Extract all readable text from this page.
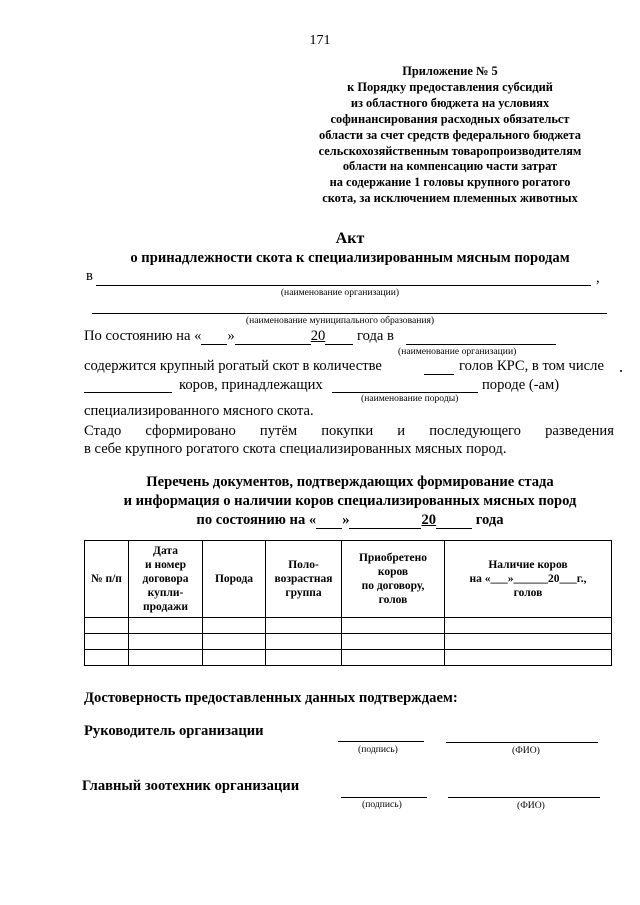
171
Приложение № 5
к Порядку предоставления субсидий
из областного бюджета на условиях
софинансирования расходных обязательст
области за счет средств федерального бюджета
сельскохозяйственным товаропроизводителям
области на компенсацию части затрат
на содержание 1 головы крупного рогатого
скота, за исключением племенных животных
Акт
о принадлежности скота к специализированным мясным породам
в	,
(наименование организации)
(наименование муниципального образования)
По состоянию на « »	20 года в
(наименование организации)
содержится крупный рогатый скот в количестве	голов КРС, в том числе
коров, принадлежащих	породе (-ам)
(наименование породы)
специализированного мясного скота.
Стадо сформировано путём покупки и последующего разведения
в себе крупного рогатого скота специализированных мясных пород.
Перечень документов, подтверждающих формирование стада
и информация о наличии коров специализированных мясных пород
по состоянию на « »	20	года
№ п/п	Дата
и номер
договора
купли-
продажи	Порода	Поло-
возрастная
группа	Приобретено
коров
по договору,
голов	Наличие коров
на «___»______20___г.,
голов

Достоверность предоставленных данных подтверждаем:
Руководитель организации
(подпись)	(ФИО)
Главный зоотехник организации
(подпись)	(ФИО)
